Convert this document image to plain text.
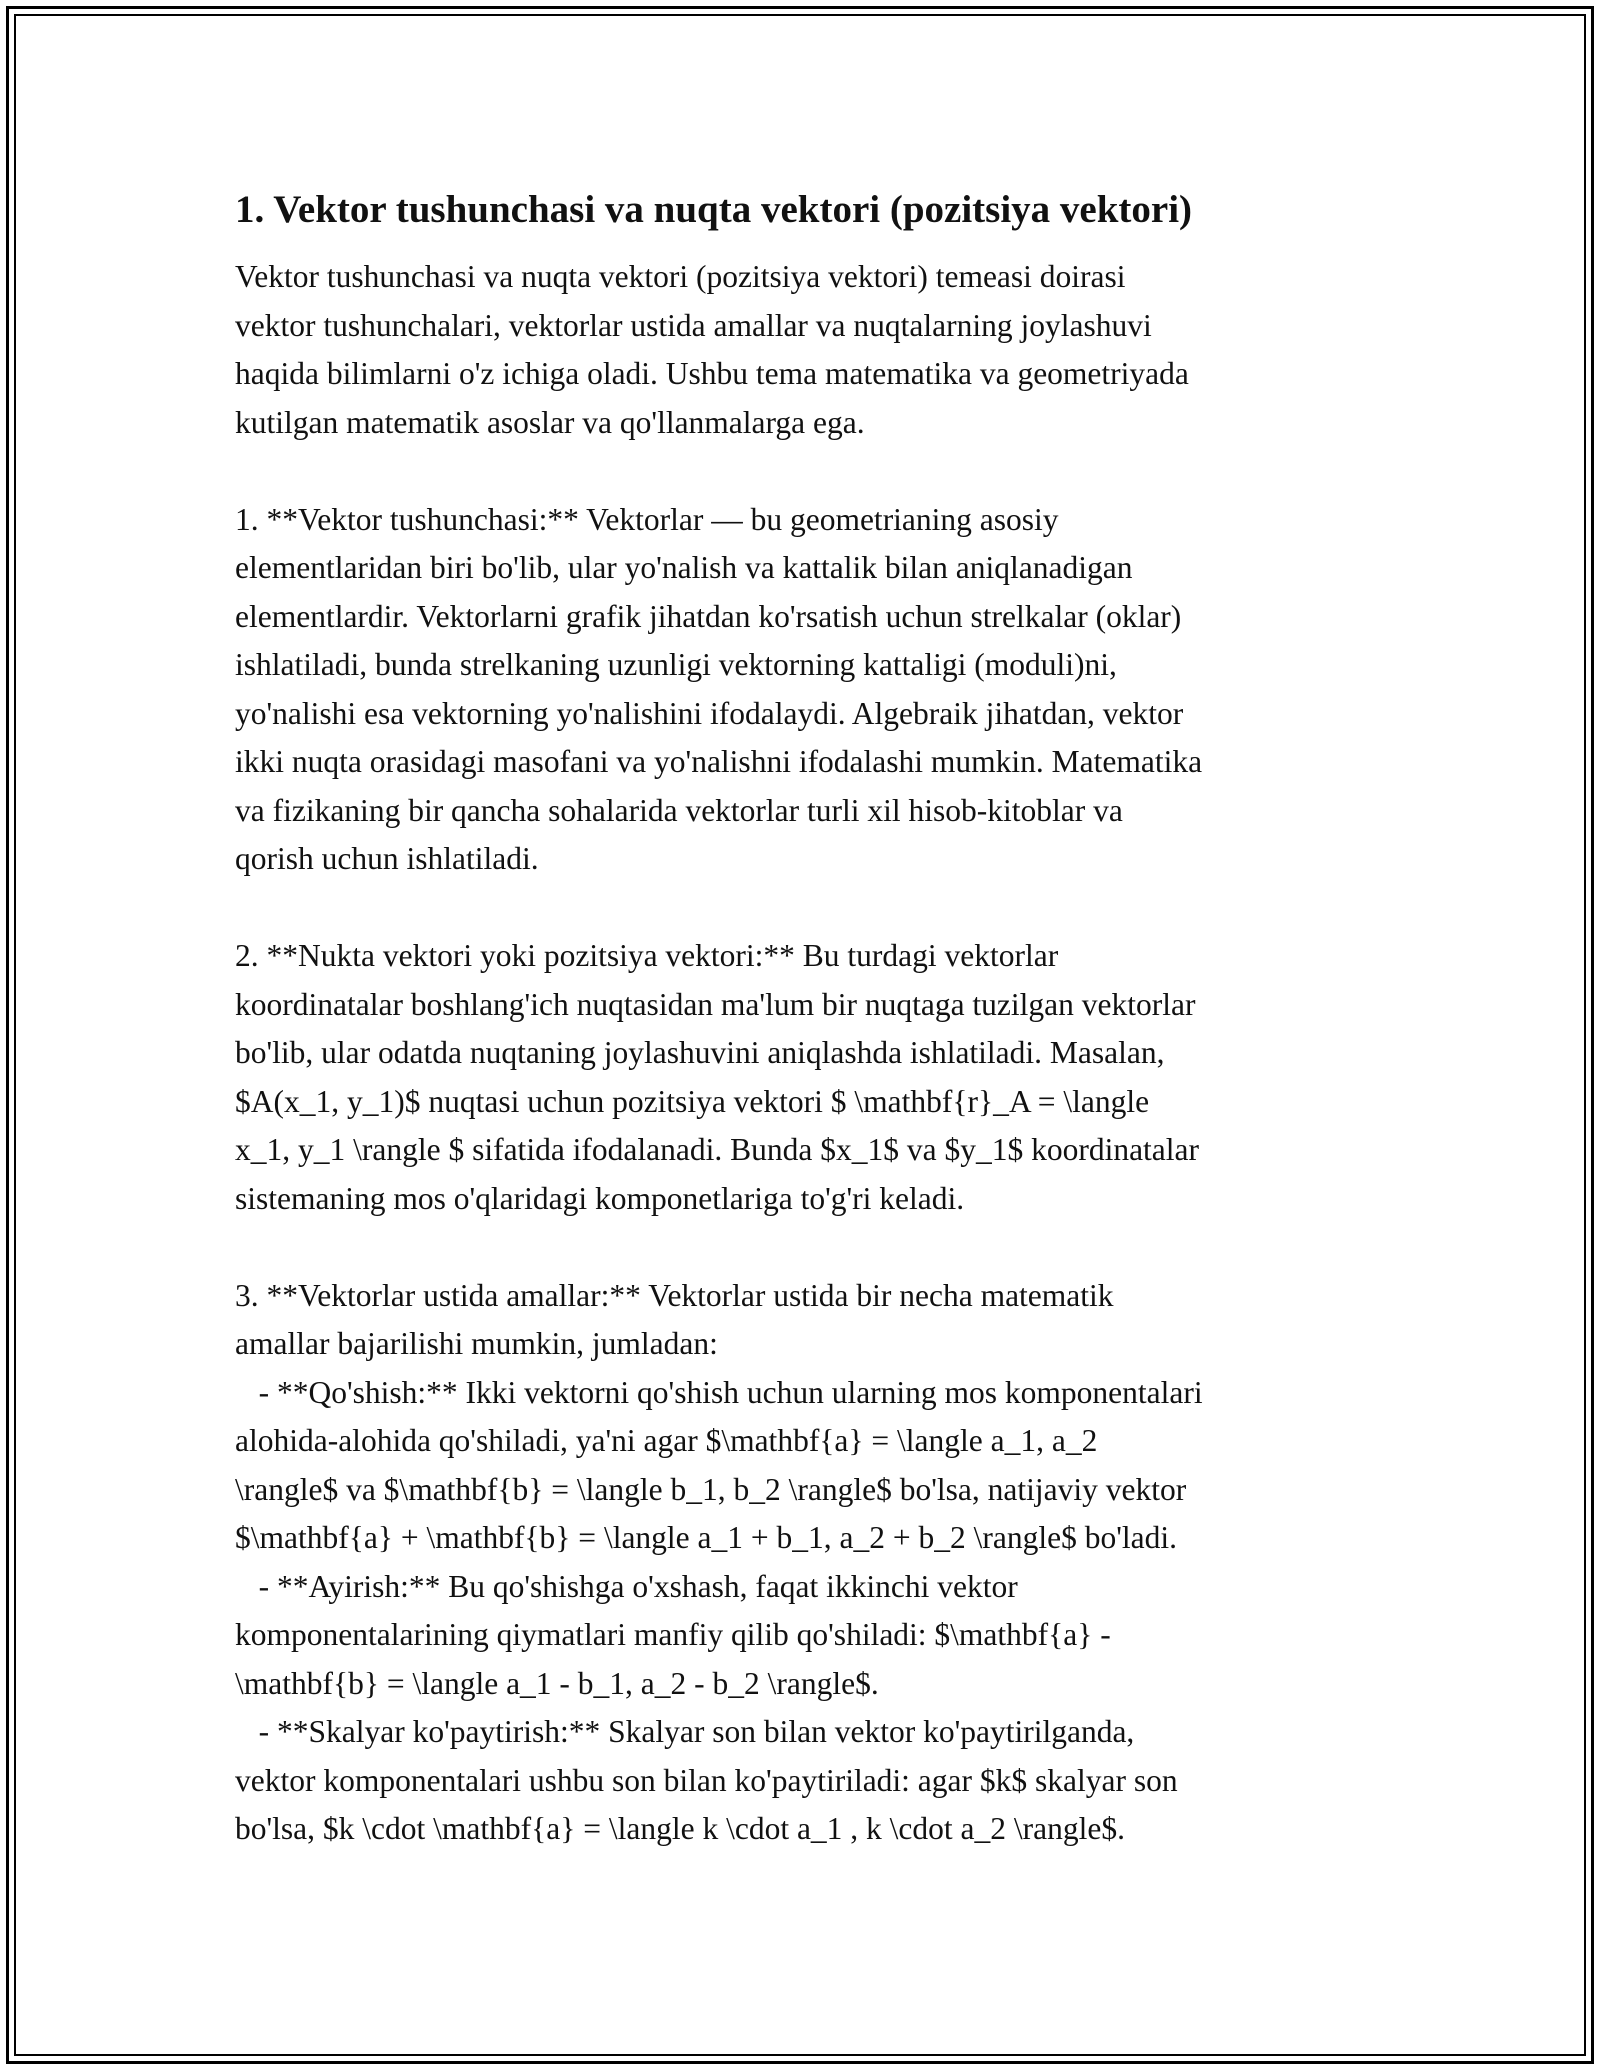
1. Vektor tushunchasi va nuqta vektori (pozitsiya vektori)

Vektor tushunchasi va nuqta vektori (pozitsiya vektori) temeasi doirasi
vektor tushunchalari, vektorlar ustida amallar va nuqtalarning joylashuvi
haqida bilimlarni o'z ichiga oladi. Ushbu tema matematika va geometriyada
kutilgan matematik asoslar va qo'llanmalarga ega.

1. **Vektor tushunchasi:** Vektorlar — bu geometrianing asosiy
elementlaridan biri bo'lib, ular yo'nalish va kattalik bilan aniqlanadigan
elementlardir. Vektorlarni grafik jihatdan ko'rsatish uchun strelkalar (oklar)
ishlatiladi, bunda strelkaning uzunligi vektorning kattaligi (moduli)ni,
yo'nalishi esa vektorning yo'nalishini ifodalaydi. Algebraik jihatdan, vektor
ikki nuqta orasidagi masofani va yo'nalishni ifodalashi mumkin. Matematika
va fizikaning bir qancha sohalarida vektorlar turli xil hisob-kitoblar va
qorish uchun ishlatiladi.

2. **Nukta vektori yoki pozitsiya vektori:** Bu turdagi vektorlar
koordinatalar boshlang'ich nuqtasidan ma'lum bir nuqtaga tuzilgan vektorlar
bo'lib, ular odatda nuqtaning joylashuvini aniqlashda ishlatiladi. Masalan,
$A(x_1, y_1)$ nuqtasi uchun pozitsiya vektori $ \mathbf{r}_A = \langle
x_1, y_1 \rangle $ sifatida ifodalanadi. Bunda $x_1$ va $y_1$ koordinatalar
sistemaning mos o'qlaridagi komponetlariga to'g'ri keladi.

3. **Vektorlar ustida amallar:** Vektorlar ustida bir necha matematik
amallar bajarilishi mumkin, jumladan:
- **Qo'shish:** Ikki vektorni qo'shish uchun ularning mos komponentalari
alohida-alohida qo'shiladi, ya'ni agar $\mathbf{a} = \langle a_1, a_2
\rangle$ va $\mathbf{b} = \langle b_1, b_2 \rangle$ bo'lsa, natijaviy vektor
$\mathbf{a} + \mathbf{b} = \langle a_1 + b_1, a_2 + b_2 \rangle$ bo'ladi.
- **Ayirish:** Bu qo'shishga o'xshash, faqat ikkinchi vektor
komponentalarining qiymatlari manfiy qilib qo'shiladi: $\mathbf{a} -
\mathbf{b} = \langle a_1 - b_1, a_2 - b_2 \rangle$.
- **Skalyar ko'paytirish:** Skalyar son bilan vektor ko'paytirilganda,
vektor komponentalari ushbu son bilan ko'paytiriladi: agar $k$ skalyar son
bo'lsa, $k \cdot \mathbf{a} = \langle k \cdot a_1 , k \cdot a_2 \rangle$.
